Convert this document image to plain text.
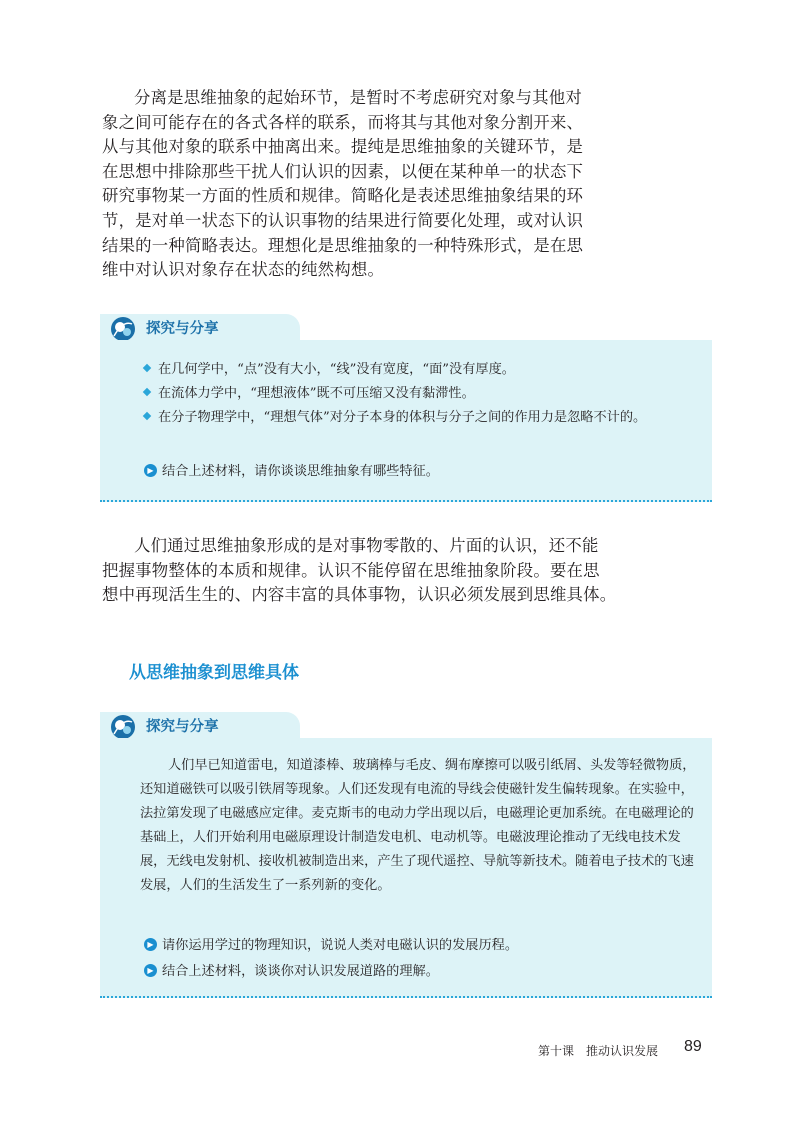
分离是思维抽象的起始环节，是暂时不考虑研究对象与其他对
象之间可能存在的各式各样的联系，而将其与其他对象分割开来、
从与其他对象的联系中抽离出来。提纯是思维抽象的关键环节，是
在思想中排除那些干扰人们认识的因素，以便在某种单一的状态下
研究事物某一方面的性质和规律。简略化是表述思维抽象结果的环
节，是对单一状态下的认识事物的结果进行简要化处理，或对认识
结果的一种简略表达。理想化是思维抽象的一种特殊形式，是在思
维中对认识对象存在状态的纯然构想。
探究与分享
在几何学中，“点”没有大小，“线”没有宽度，“面”没有厚度。
在流体力学中，“理想液体”既不可压缩又没有黏滞性。
在分子物理学中，“理想气体”对分子本身的体积与分子之间的作用力是忽略不计的。
▶ 结合上述材料，请你谈谈思维抽象有哪些特征。
人们通过思维抽象形成的是对事物零散的、片面的认识，还不能
把握事物整体的本质和规律。认识不能停留在思维抽象阶段。要在思
想中再现活生生的、内容丰富的具体事物，认识必须发展到思维具体。
从思维抽象到思维具体
探究与分享
人们早已知道雷电，知道漆棒、玻璃棒与毛皮、绸布摩擦可以吸引纸屑、头发等轻微物质，
还知道磁铁可以吸引铁屑等现象。人们还发现有电流的导线会使磁针发生偏转现象。在实验中，
法拉第发现了电磁感应定律。麦克斯韦的电动力学出现以后，电磁理论更加系统。在电磁理论的
基础上，人们开始利用电磁原理设计制造发电机、电动机等。电磁波理论推动了无线电技术发
展，无线电发射机、接收机被制造出来，产生了现代遥控、导航等新技术。随着电子技术的飞速
发展，人们的生活发生了一系列新的变化。
▶ 请你运用学过的物理知识，说说人类对电磁认识的发展历程。
▶ 结合上述材料，谈谈你对认识发展道路的理解。
第十课 推动认识发展 89
